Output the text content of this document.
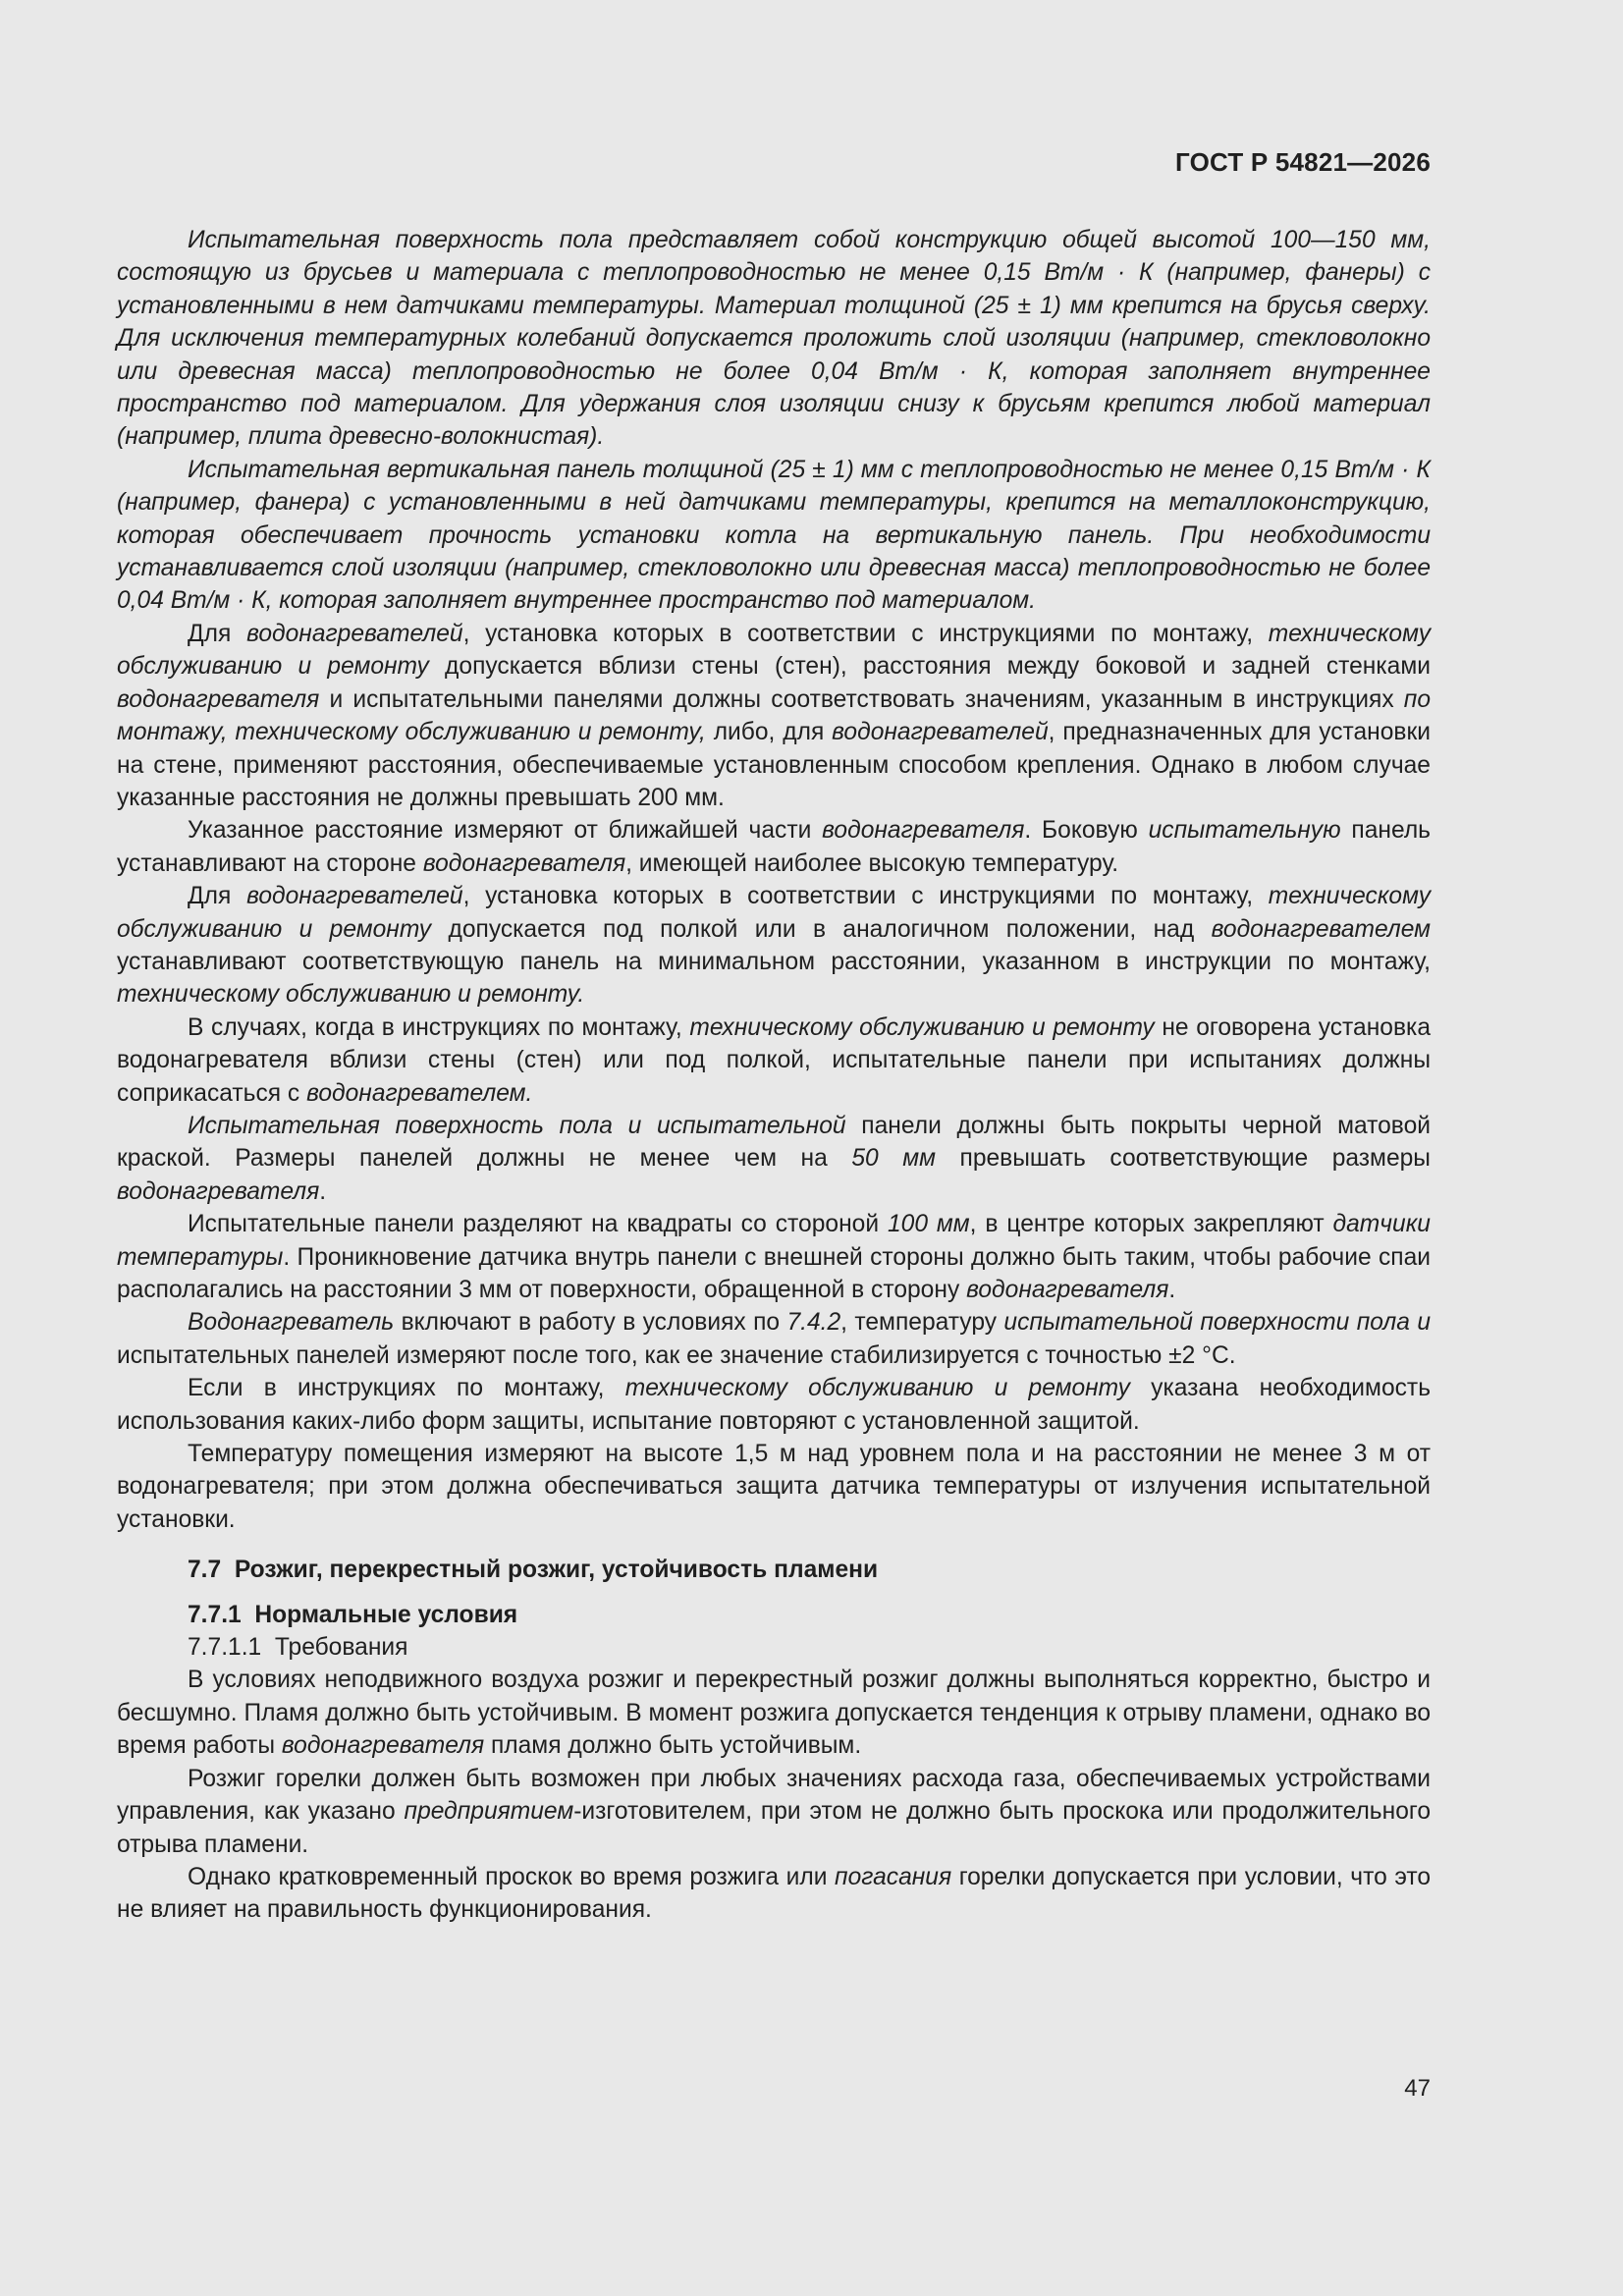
ГОСТ Р 54821—2026

Испытательная поверхность пола представляет собой конструкцию общей высотой 100—150 мм, состоящую из брусьев и материала с теплопроводностью не менее 0,15 Вт/м · К (например, фанеры) с установленными в нем датчиками температуры. Материал толщиной (25 ± 1) мм крепится на брусья сверху. Для исключения температурных колебаний допускается проложить слой изоляции (например, стекловолокно или древесная масса) теплопроводностью не более 0,04 Вт/м · К, которая заполняет внутреннее пространство под материалом. Для удержания слоя изоляции снизу к брусьям крепится любой материал (например, плита древесно-волокнистая).

Испытательная вертикальная панель толщиной (25 ± 1) мм с теплопроводностью не менее 0,15 Вт/м · К (например, фанера) с установленными в ней датчиками температуры, крепится на металлоконструкцию, которая обеспечивает прочность установки котла на вертикальную панель. При необходимости устанавливается слой изоляции (например, стекловолокно или древесная масса) теплопроводностью не более 0,04 Вт/м · К, которая заполняет внутреннее пространство под материалом.

Для водонагревателей, установка которых в соответствии с инструкциями по монтажу, техническому обслуживанию и ремонту допускается вблизи стены (стен), расстояния между боковой и задней стенками водонагревателя и испытательными панелями должны соответствовать значениям, указанным в инструкциях по монтажу, техническому обслуживанию и ремонту, либо, для водонагревателей, предназначенных для установки на стене, применяют расстояния, обеспечиваемые установленным способом крепления. Однако в любом случае указанные расстояния не должны превышать 200 мм.

Указанное расстояние измеряют от ближайшей части водонагревателя. Боковую испытательную панель устанавливают на стороне водонагревателя, имеющей наиболее высокую температуру.

Для водонагревателей, установка которых в соответствии с инструкциями по монтажу, техническому обслуживанию и ремонту допускается под полкой или в аналогичном положении, над водонагревателем устанавливают соответствующую панель на минимальном расстоянии, указанном в инструкции по монтажу, техническому обслуживанию и ремонту.

В случаях, когда в инструкциях по монтажу, техническому обслуживанию и ремонту не оговорена установка водонагревателя вблизи стены (стен) или под полкой, испытательные панели при испытаниях должны соприкасаться с водонагревателем.

Испытательная поверхность пола и испытательной панели должны быть покрыты черной матовой краской. Размеры панелей должны не менее чем на 50 мм превышать соответствующие размеры водонагревателя.

Испытательные панели разделяют на квадраты со стороной 100 мм, в центре которых закрепляют датчики температуры. Проникновение датчика внутрь панели с внешней стороны должно быть таким, чтобы рабочие спаи располагались на расстоянии 3 мм от поверхности, обращенной в сторону водонагревателя.

Водонагреватель включают в работу в условиях по 7.4.2, температуру испытательной поверхности пола и испытательных панелей измеряют после того, как ее значение стабилизируется с точностью ±2 °C.

Если в инструкциях по монтажу, техническому обслуживанию и ремонту указана необходимость использования каких-либо форм защиты, испытание повторяют с установленной защитой.

Температуру помещения измеряют на высоте 1,5 м над уровнем пола и на расстоянии не менее 3 м от водонагревателя; при этом должна обеспечиваться защита датчика температуры от излучения испытательной установки.

7.7  Розжиг, перекрестный розжиг, устойчивость пламени

7.7.1  Нормальные условия

7.7.1.1  Требования

В условиях неподвижного воздуха розжиг и перекрестный розжиг должны выполняться корректно, быстро и бесшумно. Пламя должно быть устойчивым. В момент розжига допускается тенденция к отрыву пламени, однако во время работы водонагревателя пламя должно быть устойчивым.

Розжиг горелки должен быть возможен при любых значениях расхода газа, обеспечиваемых устройствами управления, как указано предприятием-изготовителем, при этом не должно быть проскока или продолжительного отрыва пламени.

Однако кратковременный проскок во время розжига или погасания горелки допускается при условии, что это не влияет на правильность функционирования.

47
